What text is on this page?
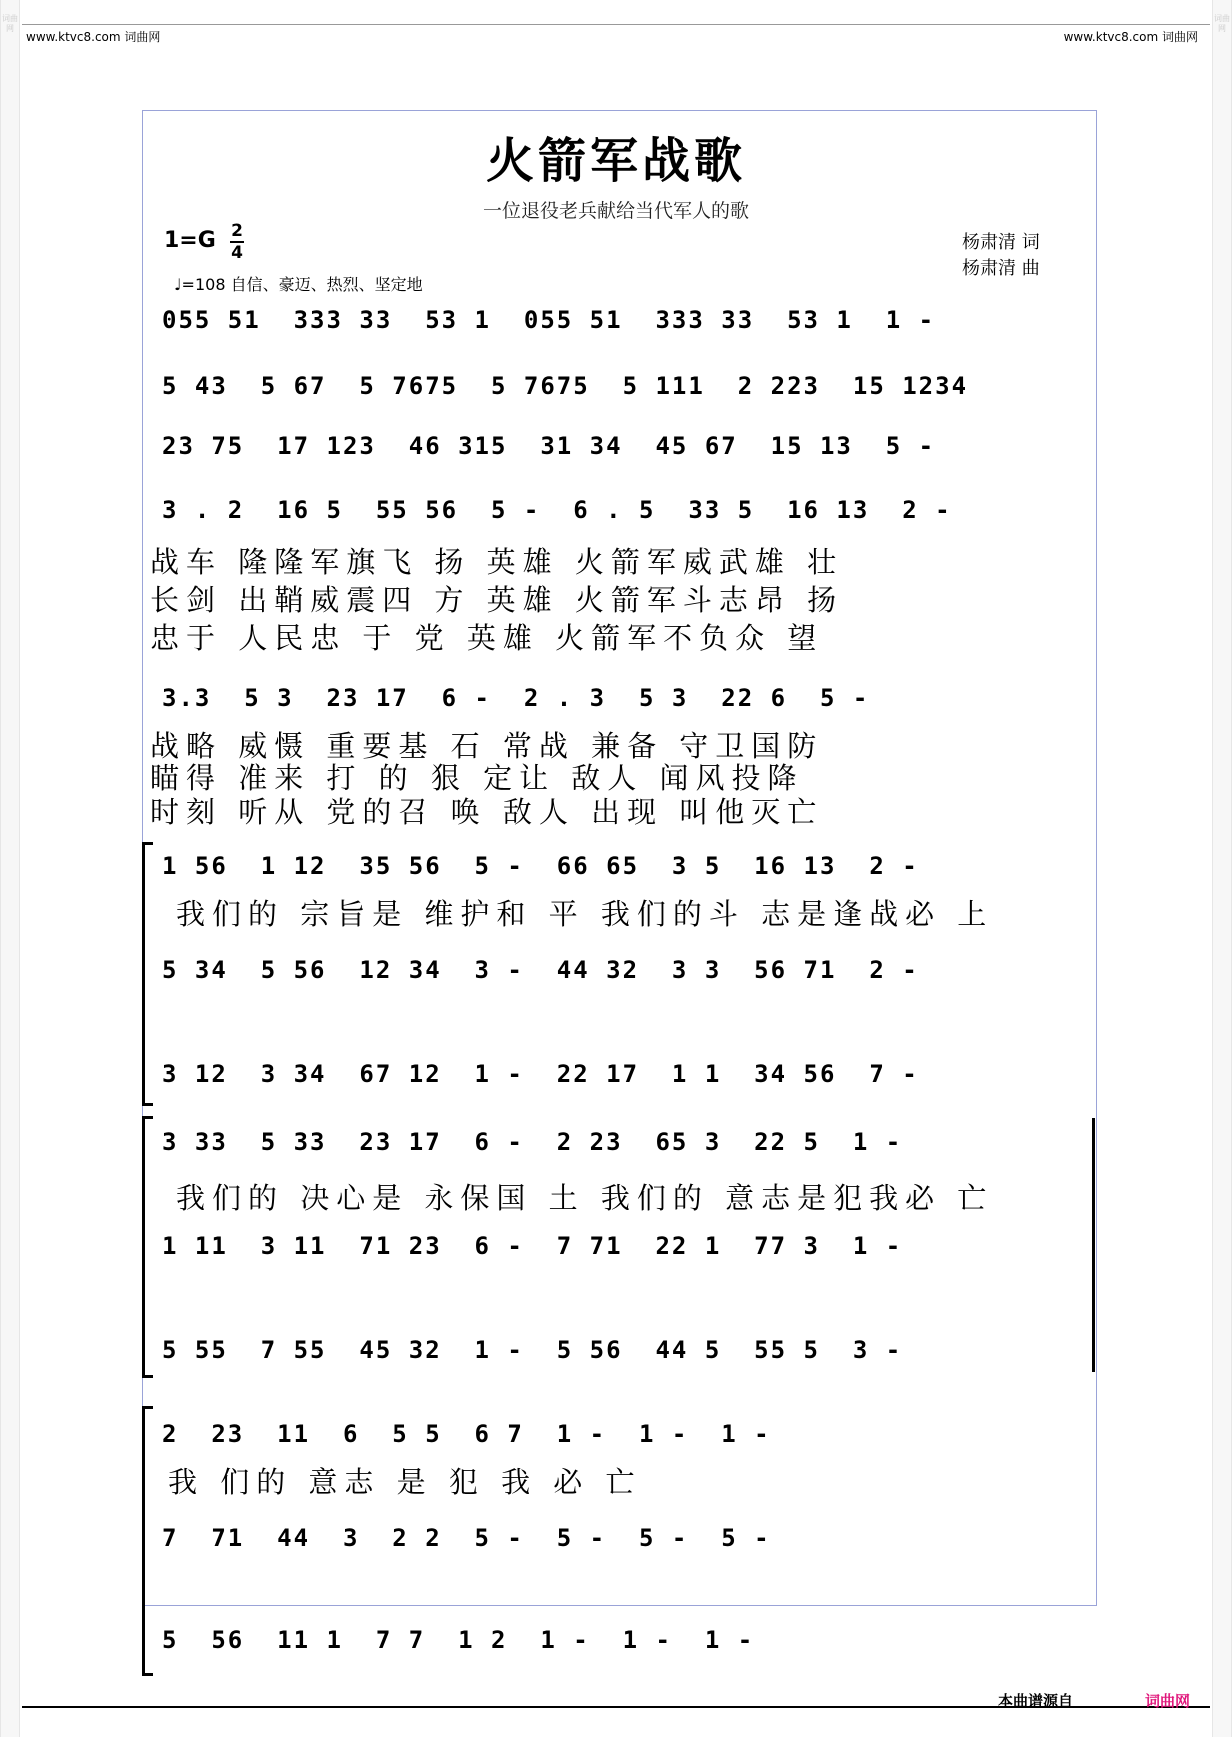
词曲网
词曲网
www.ktvc8.com 词曲网	www.ktvc8.com 词曲网
火箭军战歌
一位退役老兵献给当代军人的歌
1=G 2
4
♩=108 自信、豪迈、热烈、坚定地
杨肃清 词
杨肃清 曲
055 51  333 33  53 1  055 51  333 33  53 1  1 -
5 43  5 67  5 7675  5 7675  5 111  2 223  15 1234
23 75  17 123  46 315  31 34  45 67  15 13  5 -
3 . 2  16 5  55 56  5 -  6 . 5  33 5  16 13  2 -
战车 隆隆军旗飞 扬 英雄 火箭军威武雄 壮
长剑 出鞘威震四 方 英雄 火箭军斗志昂 扬
忠于 人民忠 于 党 英雄 火箭军不负众 望
3.3  5 3  23 17  6 -  2 . 3  5 3  22 6  5 -
战略 威慑 重要基 石 常战 兼备 守卫国防
瞄得 准来 打 的 狠 定让 敌人 闻风投降
时刻 听从 党的召 唤 敌人 出现 叫他灭亡
1 56  1 12  35 56  5 -  66 65  3 5  16 13  2 -
我们的 宗旨是 维护和 平 我们的斗 志是逢战必 上
5 34  5 56  12 34  3 -  44 32  3 3  56 71  2 -
3 12  3 34  67 12  1 -  22 17  1 1  34 56  7 -
3 33  5 33  23 17  6 -  2 23  65 3  22 5  1 -
我们的 决心是 永保国 土 我们的 意志是犯我必 亡
1 11  3 11  71 23  6 -  7 71  22 1  77 3  1 -
5 55  7 55  45 32  1 -  5 56  44 5  55 5  3 -
2  23  11  6  5 5  6 7  1 -  1 -  1 -
我 们的 意志 是 犯 我 必 亡
7  71  44  3  2 2  5 -  5 -  5 -  5 -
5  56  11 1  7 7  1 2  1 -  1 -  1 -
本曲谱源自	词曲网
